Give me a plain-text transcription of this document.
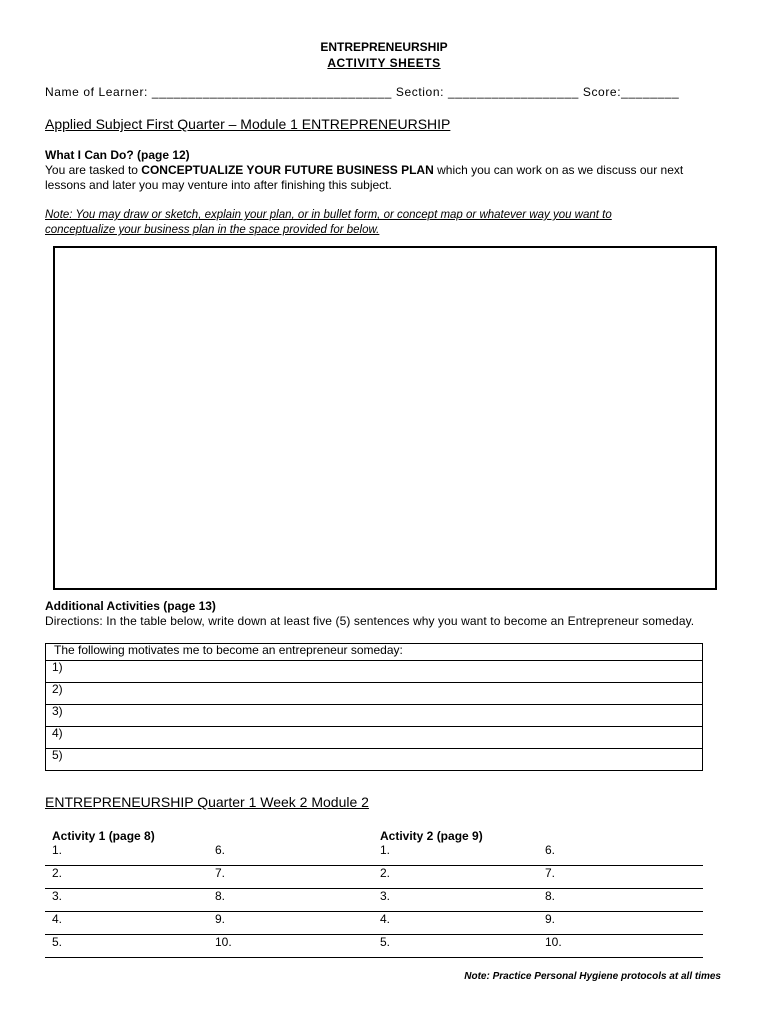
ENTREPRENEURSHIP
ACTIVITY SHEETS
Name of Learner: _________________________________ Section: __________________ Score:________
Applied Subject First Quarter – Module 1 ENTREPRENEURSHIP
What I Can Do? (page 12)
You are tasked to CONCEPTUALIZE YOUR FUTURE BUSINESS PLAN which you can work on as we discuss our next lessons and later you may venture into after finishing this subject.
Note: You may draw or sketch, explain your plan, or in bullet form, or concept map or whatever way you want to conceptualize your business plan in the space provided for below.
Additional Activities (page 13)
Directions: In the table below, write down at least five (5) sentences why you want to become an Entrepreneur someday.
The following motivates me to become an entrepreneur someday:
1)
2)
3)
4)
5)
ENTREPRENEURSHIP Quarter 1 Week 2 Module 2
Activity 1 (page 8)	Activity 2 (page 9)
1.	6.	1.	6.
2.	7.	2.	7.
3.	8.	3.	8.
4.	9.	4.	9.
5.	10.	5.	10.
Note: Practice Personal Hygiene protocols at all times
